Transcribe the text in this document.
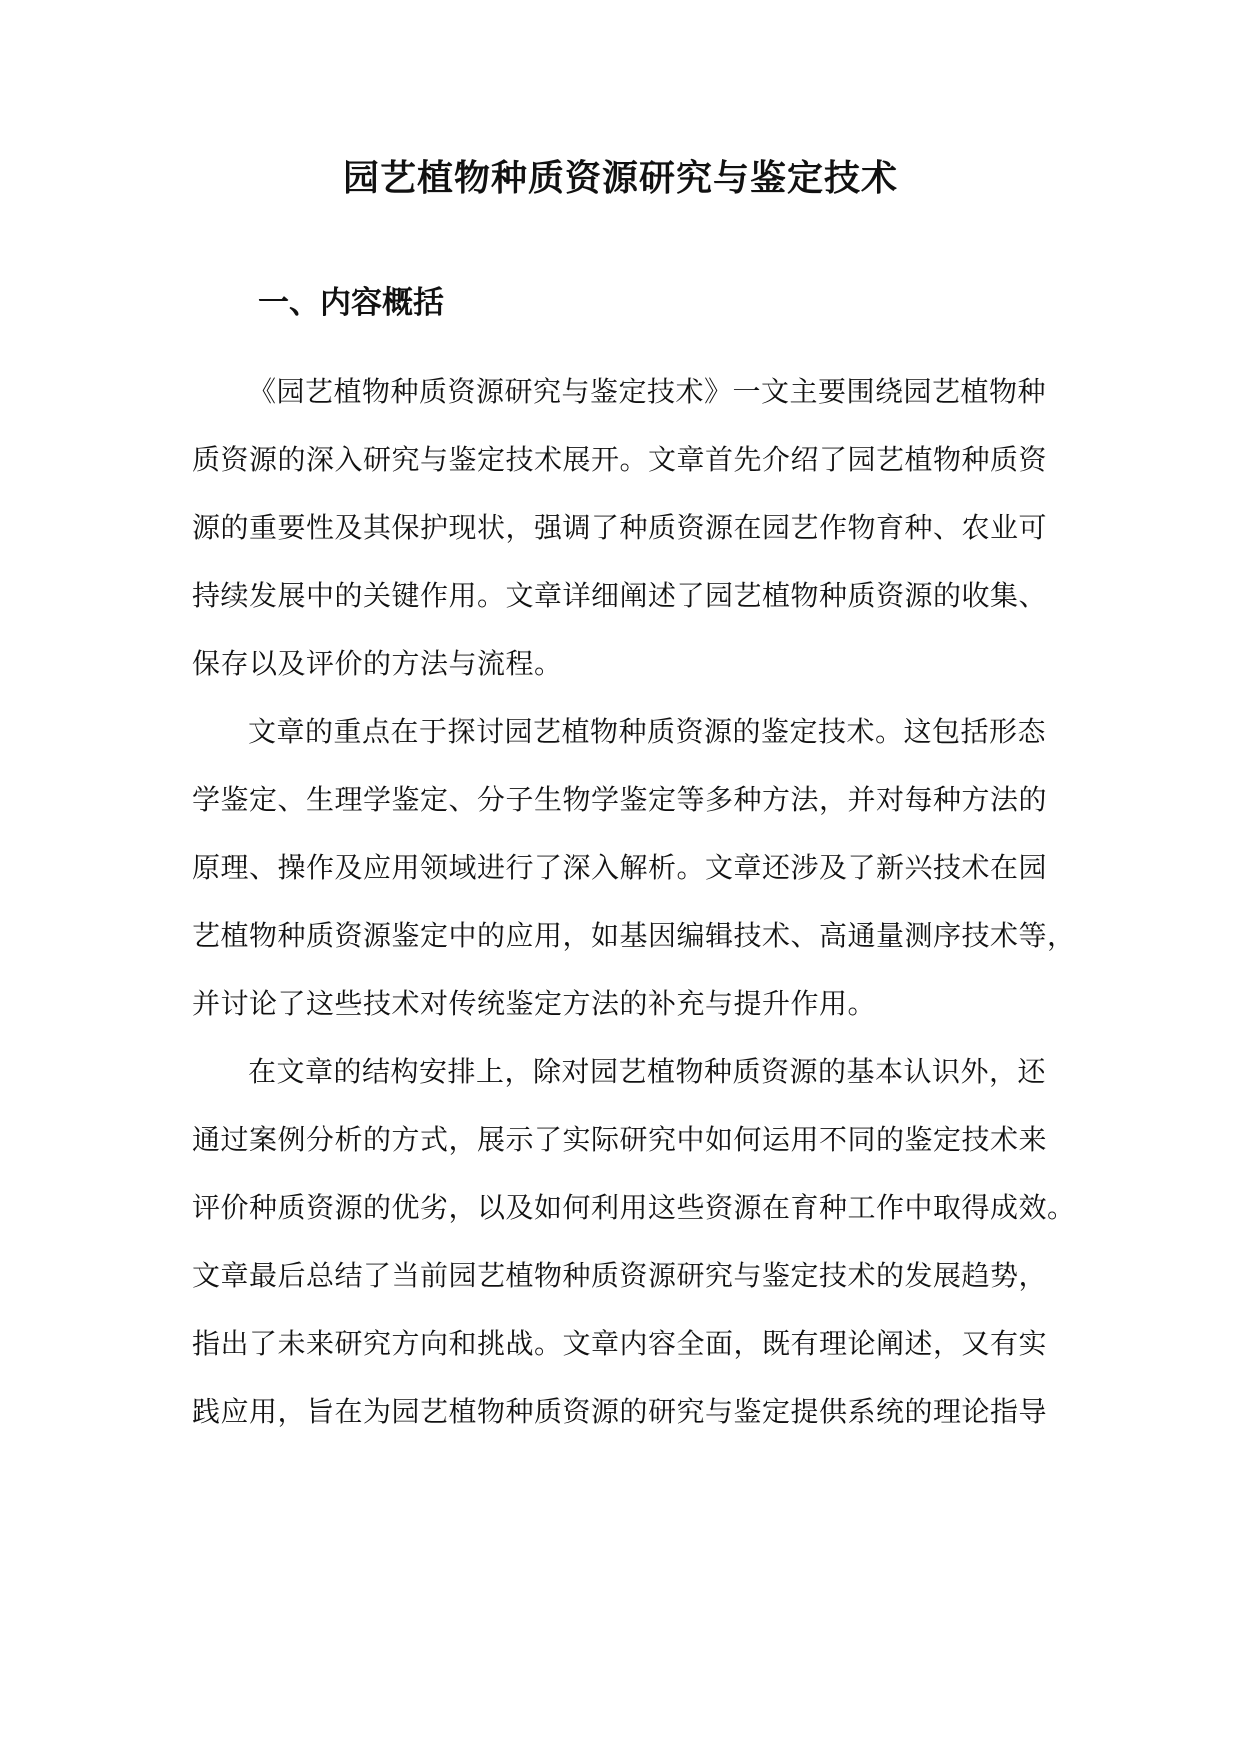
园艺植物种质资源研究与鉴定技术
一、内容概括

《园艺植物种质资源研究与鉴定技术》一文主要围绕园艺植物种
质资源的深入研究与鉴定技术展开。文章首先介绍了园艺植物种质资
源的重要性及其保护现状，强调了种质资源在园艺作物育种、农业可
持续发展中的关键作用。文章详细阐述了园艺植物种质资源的收集、
保存以及评价的方法与流程。

文章的重点在于探讨园艺植物种质资源的鉴定技术。这包括形态
学鉴定、生理学鉴定、分子生物学鉴定等多种方法，并对每种方法的
原理、操作及应用领域进行了深入解析。文章还涉及了新兴技术在园
艺植物种质资源鉴定中的应用，如基因编辑技术、高通量测序技术等，
并讨论了这些技术对传统鉴定方法的补充与提升作用。

在文章的结构安排上，除对园艺植物种质资源的基本认识外，还
通过案例分析的方式，展示了实际研究中如何运用不同的鉴定技术来
评价种质资源的优劣，以及如何利用这些资源在育种工作中取得成效。
文章最后总结了当前园艺植物种质资源研究与鉴定技术的发展趋势，
指出了未来研究方向和挑战。文章内容全面，既有理论阐述，又有实
践应用，旨在为园艺植物种质资源的研究与鉴定提供系统的理论指导
